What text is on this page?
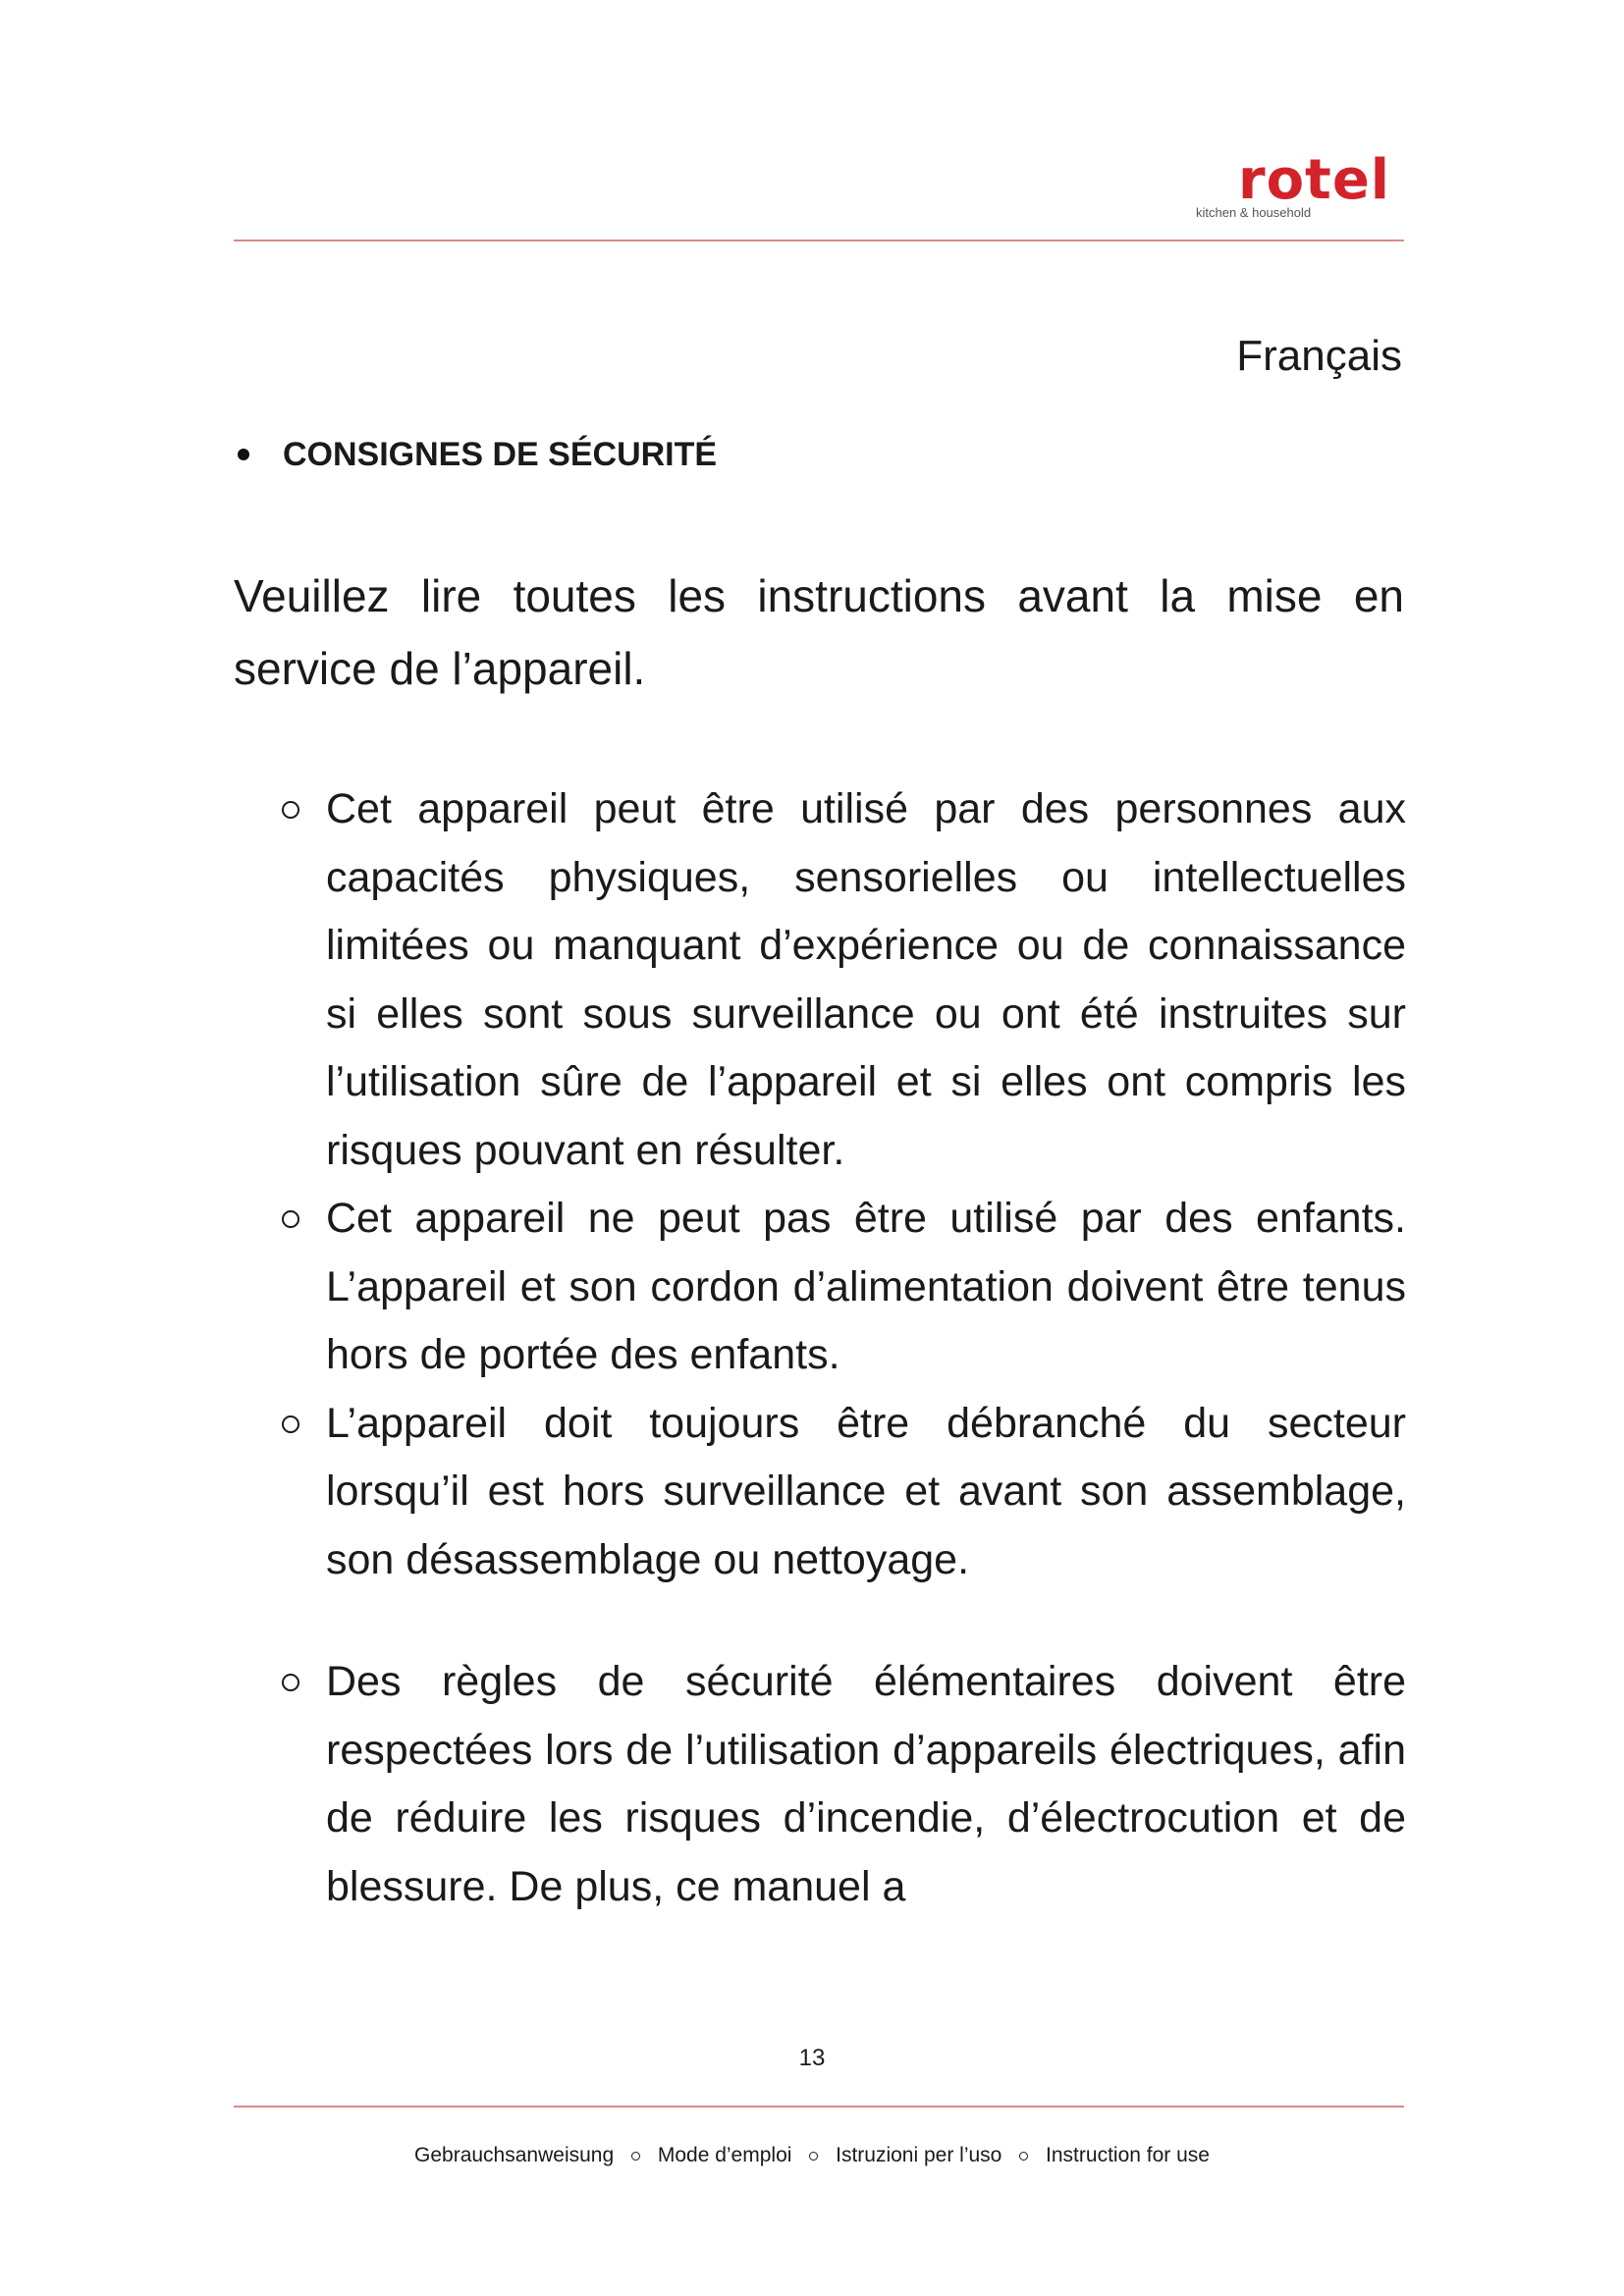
rotel
kitchen & household
Français
CONSIGNES DE SÉCURITÉ

Veuillez lire toutes les instructions avant la mise en service de l’appareil.

Cet appareil peut être utilisé par des personnes aux capacités physiques, sensorielles ou intellectuelles limitées ou manquant d’expérience ou de connaissance si elles sont sous surveillance ou ont été instruites sur l’utilisation sûre de l’appareil et si elles ont compris les risques pouvant en résulter.
Cet appareil ne peut pas être utilisé par des enfants. L’appareil et son cordon d’alimentation doivent être tenus hors de portée des enfants.
L’appareil doit toujours être débranché du secteur lorsqu’il est hors surveillance et avant son assemblage, son désassemblage ou nettoyage.
Des règles de sécurité élémentaires doivent être respectées lors de l’utilisation d’appareils électriques, afin de réduire les risques d’incendie, d’électrocution et de blessure. De plus, ce manuel a
13
Gebrauchsanweisung Mode d’emploi Istruzioni per l’uso Instruction for use
